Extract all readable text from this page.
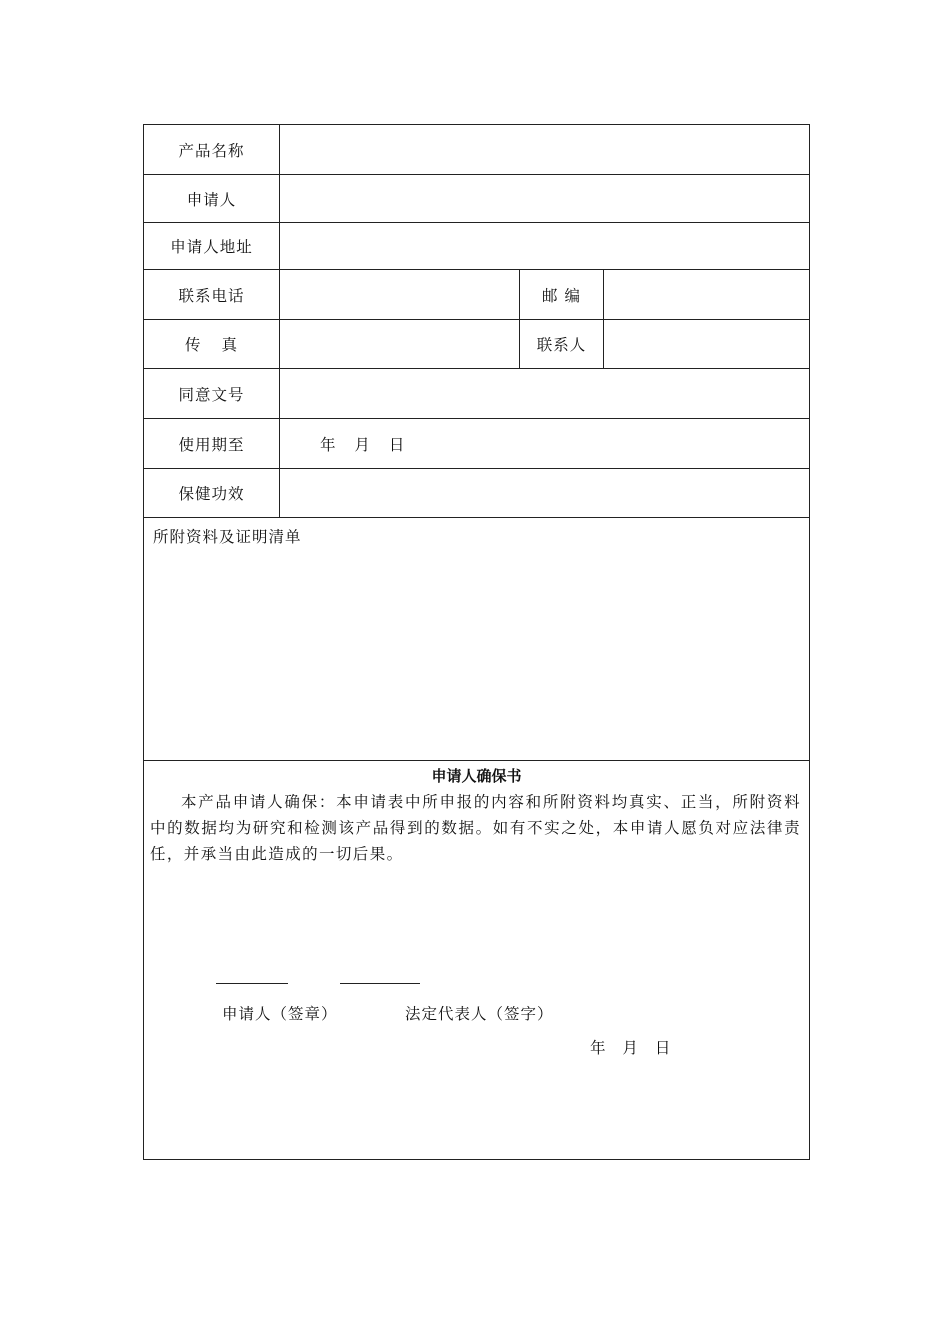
产品名称
申请人
申请人地址
联系电话	邮 编
传 真	联系人
同意文号
使用期至	年 月 日
保健功效
所附资料及证明清单
申请人确保书
本产品申请人确保：本申请表中所申报的内容和所附资料均真实、正当，所附资料中的数据均为研究和检测该产品得到的数据。如有不实之处，本申请人愿负对应法律责任，并承当由此造成的一切后果。
申请人（签章）	法定代表人（签字）
年 月 日
